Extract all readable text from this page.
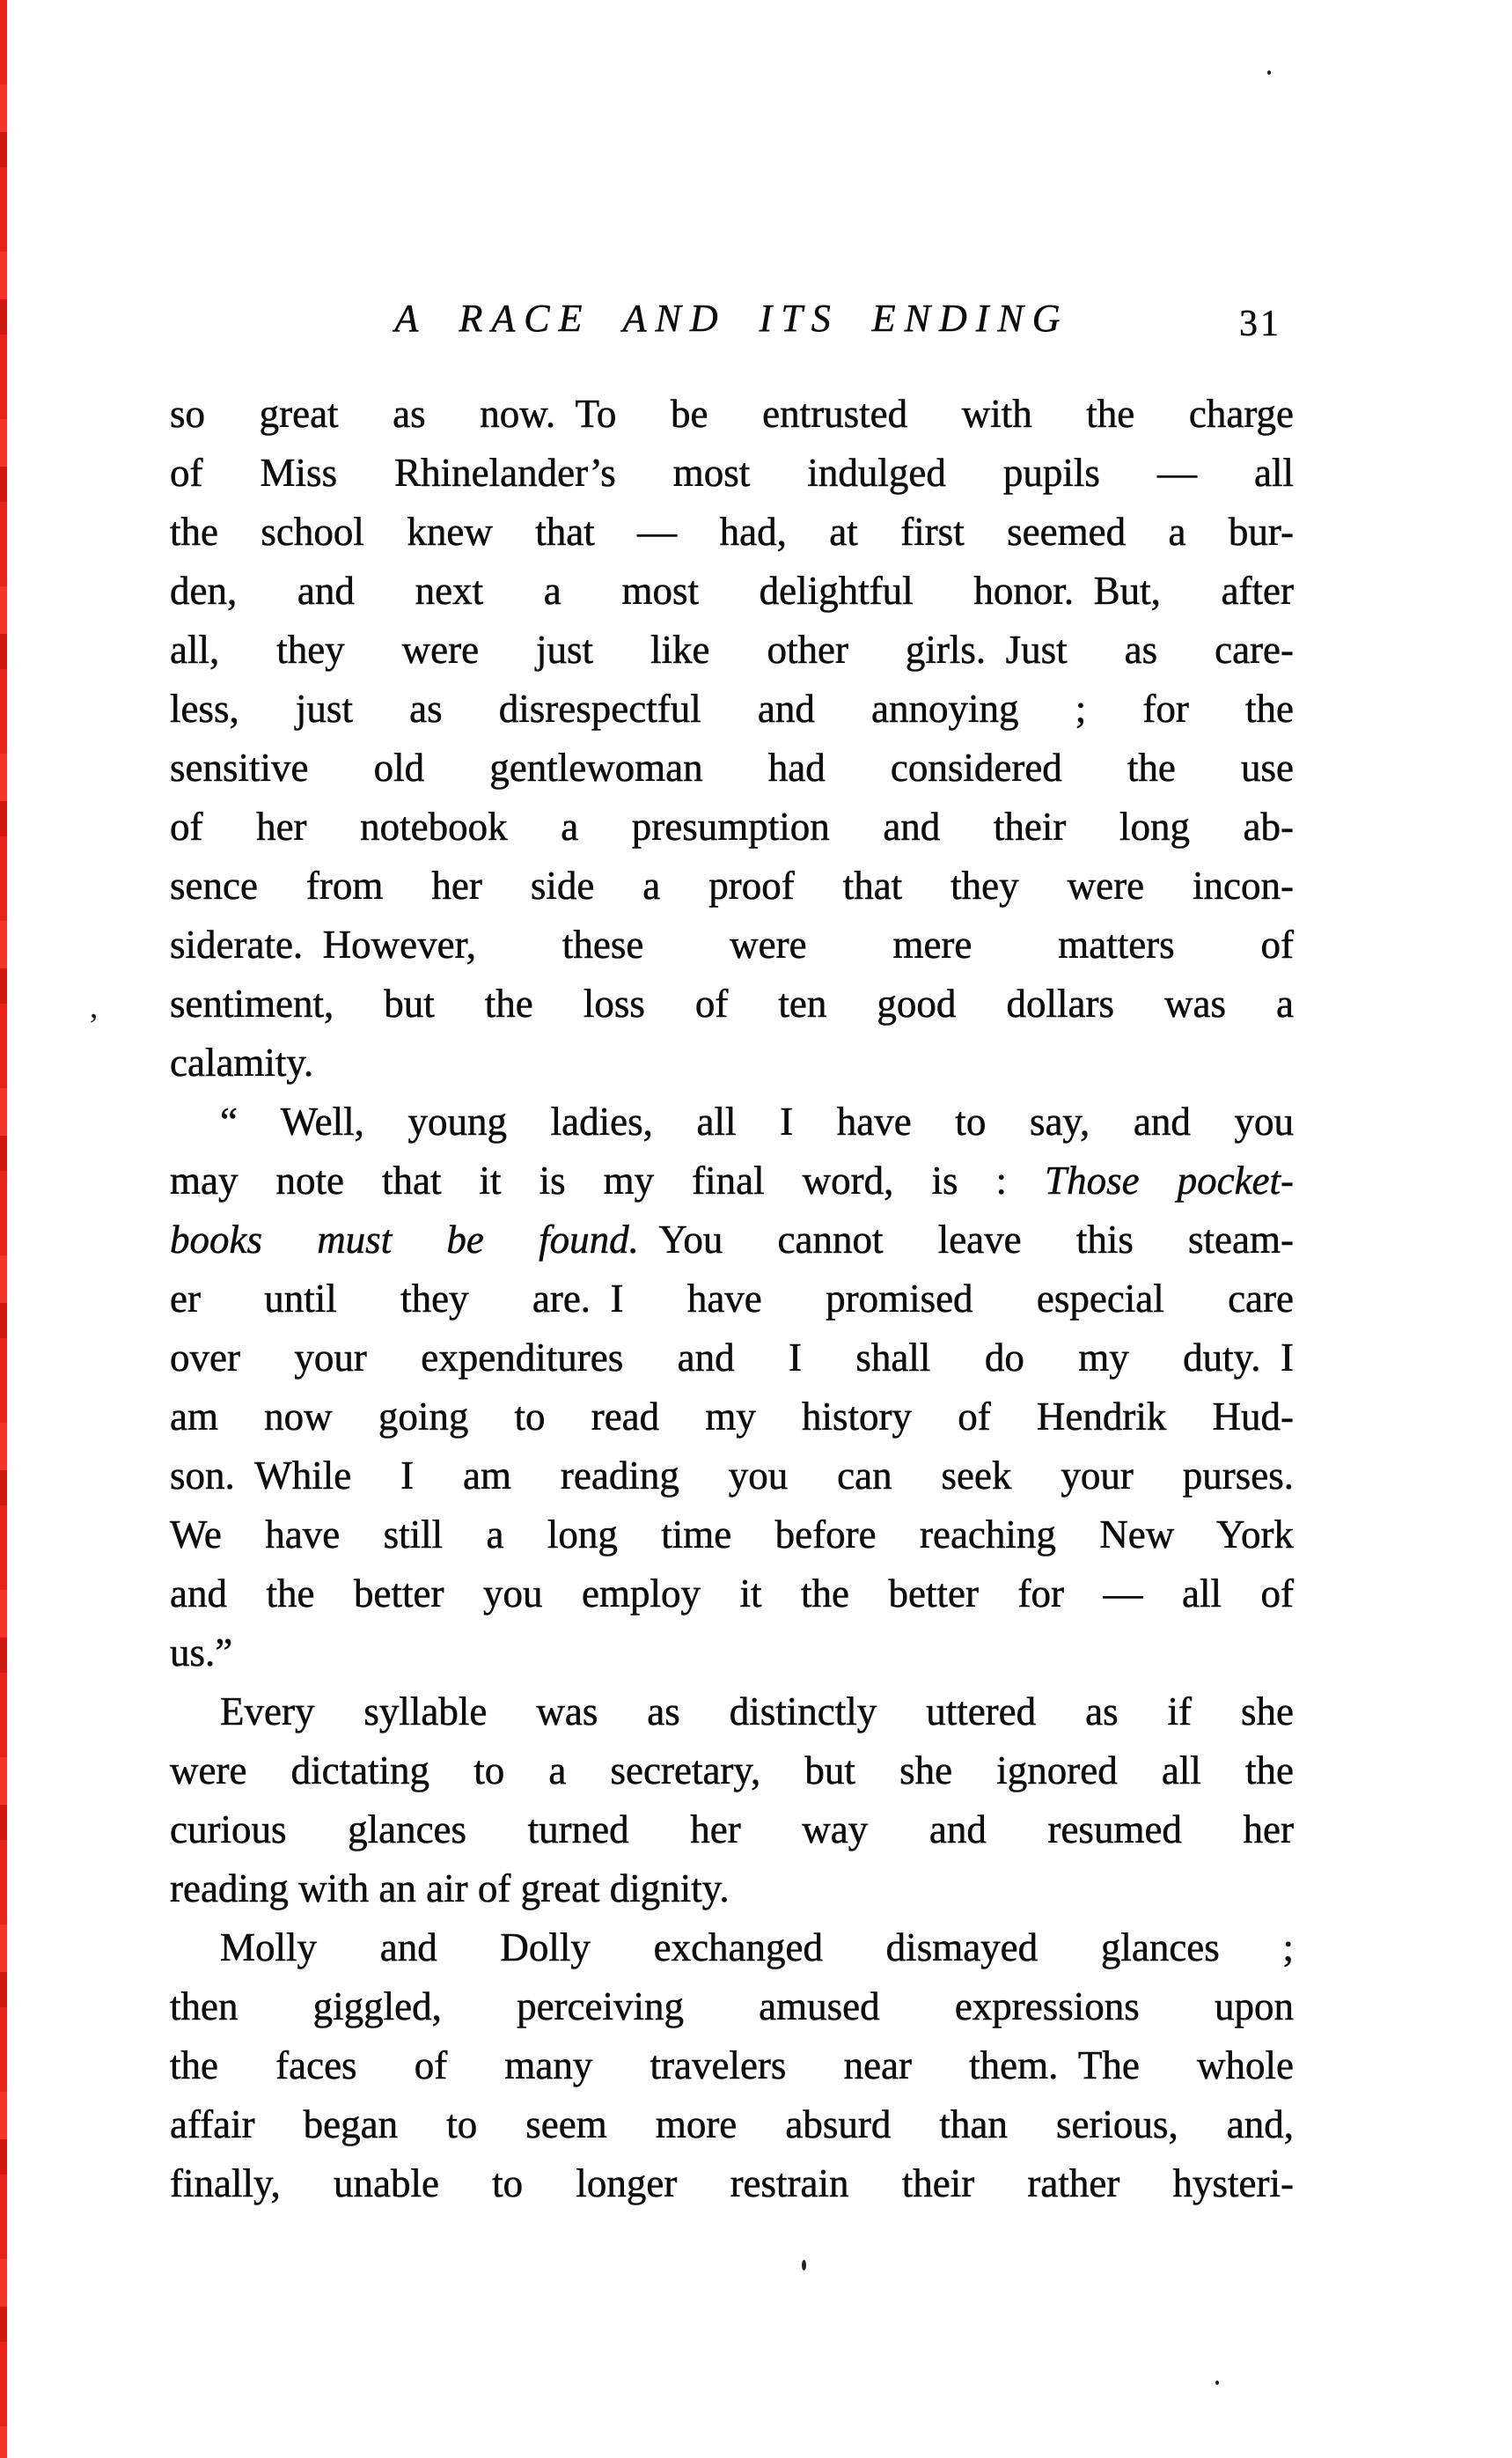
A RACE AND ITS ENDING	31
so great as now. To be entrusted with the charge
of Miss Rhinelander’s most indulged pupils — all
the school knew that — had, at first seemed a bur-
den, and next a most delightful honor. But, after
all, they were just like other girls. Just as care-
less, just as disrespectful and annoying ; for the
sensitive old gentlewoman had considered the use
of her notebook a presumption and their long ab-
sence from her side a proof that they were incon-
siderate. However, these were mere matters of
sentiment, but the loss of ten good dollars was a
calamity.
“ Well, young ladies, all I have to say, and you
may note that it is my final word, is : Those pocket-
books must be found. You cannot leave this steam-
er until they are. I have promised especial care
over your expenditures and I shall do my duty. I
am now going to read my history of Hendrik Hud-
son. While I am reading you can seek your purses.
We have still a long time before reaching New York
and the better you employ it the better for — all of
us.”
Every syllable was as distinctly uttered as if she
were dictating to a secretary, but she ignored all the
curious glances turned her way and resumed her
reading with an air of great dignity.
Molly and Dolly exchanged dismayed glances ;
then giggled, perceiving amused expressions upon
the faces of many travelers near them. The whole
affair began to seem more absurd than serious, and,
finally, unable to longer restrain their rather hysteri-
’
